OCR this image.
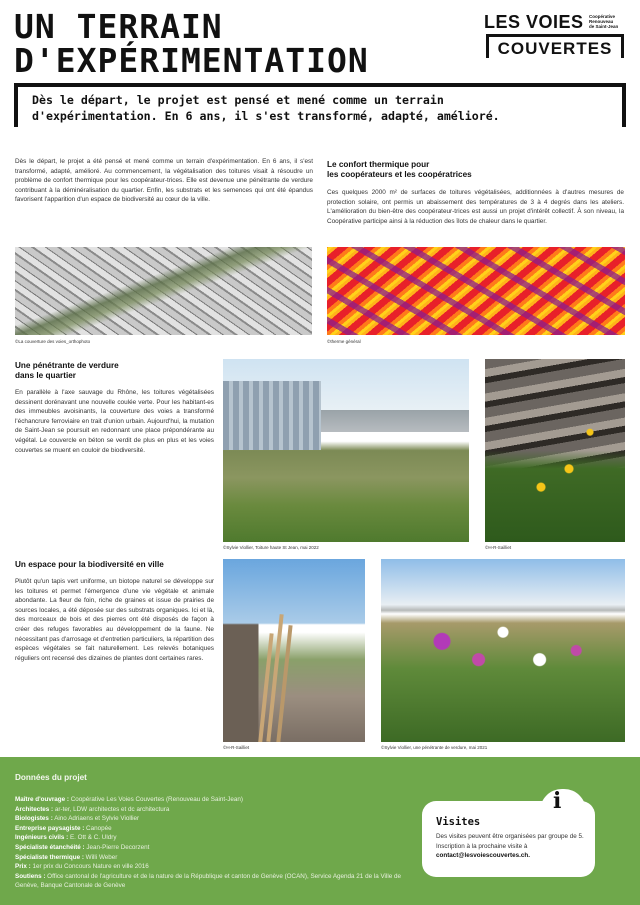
UN TERRAIN
D'EXPÉRIMENTATION
LES VOIES Coopérative
Renouveau
de Saint-Jean
COUVERTES

Dès le départ, le projet est pensé et mené comme un terrain

d'expérimentation. En 6 ans, il s'est transformé, adapté, amélioré.

Dès le départ, le projet a été pensé et mené comme un terrain d'expérimentation. En 6 ans, il s'est transformé, adapté, amélioré. Au commencement, la végétalisation des toitures visait à résoudre un problème de confort thermique pour les coopérateur-trices. Elle est devenue une pénétrante de verdure contribuant à la déminéralisation du quartier. Enfin, les substrats et les semences qui ont été épandus favorisent l'apparition d'un espace de biodiversité au cœur de la ville.

Le confort thermique pour
les coopérateurs et les coopératrices

Ces quelques 2000 m² de surfaces de toitures végétalisées, additionnées à d'autres mesures de protection solaire, ont permis un abaissement des températures de 3 à 4 degrés dans les ateliers. L'amélioration du bien-être des coopérateur-trices est aussi un projet d'intérêt collectif. À son niveau, la Coopérative participe ainsi à la réduction des îlots de chaleur dans le quartier.

©La couverture des voies_orthophoto	©therme général
Une pénétrante de verdure
dans le quartier

En parallèle à l'axe sauvage du Rhône, les toitures végétalisées dessinent dorénavant une nouvelle coulée verte. Pour les habitant-es des immeubles avoisinants, la couverture des voies a transformé l'échancrure ferroviaire en trait d'union urbain. Aujourd'hui, la mutation de Saint-Jean se poursuit en redonnant une place prépondérante au végétal. Le couvercle en béton se verdit de plus en plus et les voies couvertes se muent en couloir de biodiversité.

©Sylvie Viollier, Toiture haute St Jean, mai 2022	©H-R-Sailliet
Un espace pour la biodiversité en ville

Plutôt qu'un tapis vert uniforme, un biotope naturel se développe sur les toitures et permet l'émergence d'une vie végétale et animale abondante. La fleur de foin, riche de graines et issue de prairies de sources locales, a été déposée sur des substrats organiques. Ici et là, des morceaux de bois et des pierres ont été disposés de façon à créer des refuges favorables au développement de la faune. Ne nécessitant pas d'arrosage et d'entretien particuliers, la répartition des espèces végétales se fait naturellement. Les relevés botaniques réguliers ont recensé des dizaines de plantes dont certaines rares.

©H-R-Sailliet	©Sylvie Viollier, une pénétrante de verdure, mai 2021
Données du projet
Maître d'ouvrage : Coopérative Les Voies Couvertes (Renouveau de Saint-Jean)
Architectes : ar-ter, LDW architectes et dc architectura
Biologistes : Aino Adriaens et Sylvie Viollier
Entreprise paysagiste : Canopée
Ingénieurs civils : E. Ott & C. Uldry
Spécialiste étanchéité : Jean-Pierre Decorzent
Spécialiste thermique : Willi Weber
Prix : 1er prix du Concours Nature en ville 2016
Soutiens : Office cantonal de l'agriculture et de la nature de la République et canton de Genève (OCAN), Service Agenda 21 de la Ville de Genève, Banque Cantonale de Genève
i
Visites

Des visites peuvent être organisées par groupe de 5. Inscription à la prochaine visite à contact@lesvoiescouvertes.ch.
